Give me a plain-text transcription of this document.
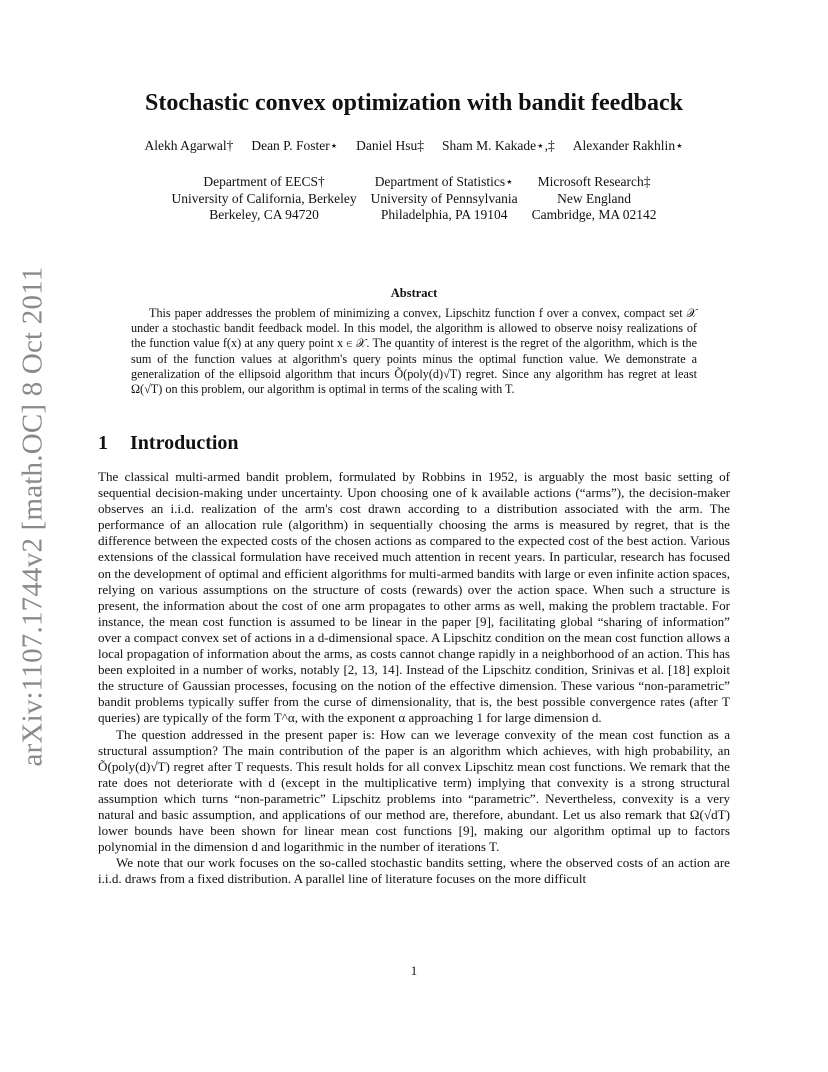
arXiv:1107.1744v2 [math.OC] 8 Oct 2011
Stochastic convex optimization with bandit feedback
Alekh Agarwal† Dean P. Foster⋆ Daniel Hsu‡ Sham M. Kakade⋆,‡ Alexander Rakhlin⋆
Department of EECS†
University of California, Berkeley
Berkeley, CA 94720
Department of Statistics⋆
University of Pennsylvania
Philadelphia, PA 19104
Microsoft Research‡
New England
Cambridge, MA 02142
Abstract

This paper addresses the problem of minimizing a convex, Lipschitz function f over a convex, compact set 𝒳 under a stochastic bandit feedback model. In this model, the algorithm is allowed to observe noisy realizations of the function value f(x) at any query point x ∈ 𝒳. The quantity of interest is the regret of the algorithm, which is the sum of the function values at algorithm's query points minus the optimal function value. We demonstrate a generalization of the ellipsoid algorithm that incurs Õ(poly(d)√T) regret. Since any algorithm has regret at least Ω(√T) on this problem, our algorithm is optimal in terms of the scaling with T.

1 Introduction

The classical multi-armed bandit problem, formulated by Robbins in 1952, is arguably the most basic setting of sequential decision-making under uncertainty. Upon choosing one of k available actions (“arms”), the decision-maker observes an i.i.d. realization of the arm's cost drawn according to a distribution associated with the arm. The performance of an allocation rule (algorithm) in sequentially choosing the arms is measured by regret, that is the difference between the expected costs of the chosen actions as compared to the expected cost of the best action. Various extensions of the classical formulation have received much attention in recent years. In particular, research has focused on the development of optimal and efficient algorithms for multi-armed bandits with large or even infinite action spaces, relying on various assumptions on the structure of costs (rewards) over the action space. When such a structure is present, the information about the cost of one arm propagates to other arms as well, making the problem tractable. For instance, the mean cost function is assumed to be linear in the paper [9], facilitating global “sharing of information” over a compact convex set of actions in a d-dimensional space. A Lipschitz condition on the mean cost function allows a local propagation of information about the arms, as costs cannot change rapidly in a neighborhood of an action. This has been exploited in a number of works, notably [2, 13, 14]. Instead of the Lipschitz condition, Srinivas et al. [18] exploit the structure of Gaussian processes, focusing on the notion of the effective dimension. These various “non-parametric” bandit problems typically suffer from the curse of dimensionality, that is, the best possible convergence rates (after T queries) are typically of the form T^α, with the exponent α approaching 1 for large dimension d.

The question addressed in the present paper is: How can we leverage convexity of the mean cost function as a structural assumption? The main contribution of the paper is an algorithm which achieves, with high probability, an Õ(poly(d)√T) regret after T requests. This result holds for all convex Lipschitz mean cost functions. We remark that the rate does not deteriorate with d (except in the multiplicative term) implying that convexity is a strong structural assumption which turns “non-parametric” Lipschitz problems into “parametric”. Nevertheless, convexity is a very natural and basic assumption, and applications of our method are, therefore, abundant. Let us also remark that Ω(√dT) lower bounds have been shown for linear mean cost functions [9], making our algorithm optimal up to factors polynomial in the dimension d and logarithmic in the number of iterations T.

We note that our work focuses on the so-called stochastic bandits setting, where the observed costs of an action are i.i.d. draws from a fixed distribution. A parallel line of literature focuses on the more difficult

1
